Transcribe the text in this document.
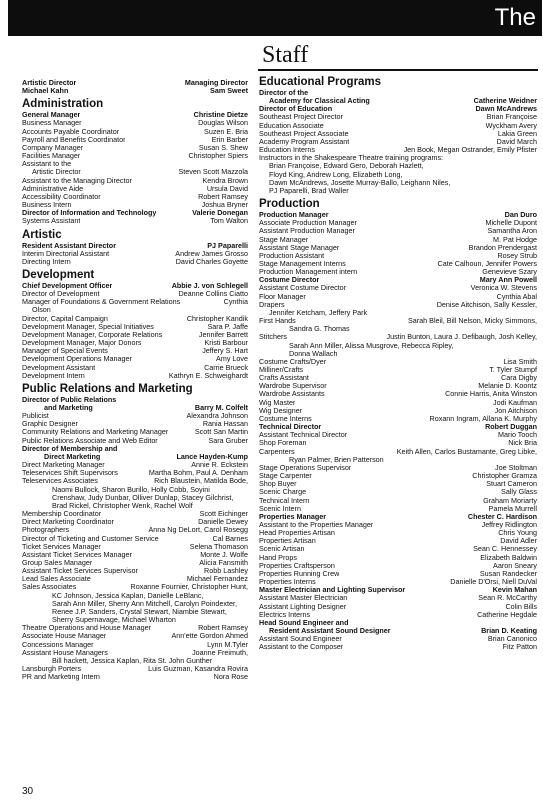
The
Staff
Artistic Director	Managing Director
Michael Kahn	Sam Sweet
Administration
General Manager	Christine Dietze
Business Manager	Douglas Wilson
Accounts Payable Coordinator	Suzen E. Bria
Payroll and Benefits Coordinator	Erin Barber
Company Manager	Susan S. Shew
Facilities Manager	Christopher Spiers
Assistant to the
Artistic Director	Steven Scott Mazzola
Assistant to the Managing Director	Kendra Brown
Administrative Aide	Ursula David
Accessibility Coordinator	Robert Ramsey
Business Intern	Joshua Bryner
Director of Information and Technology	Valerie Donegan
Systems Assistant	Tom Walton
Artistic
Resident Assistant Director	PJ Paparelli
Interim Directorial Assistant	Andrew James Grosso
Directing Intern	David Charles Goyette
Development
Chief Development Officer	Abbie J. von Schlegell
Director of Development	Deanne Collins Ciatto
Manager of Foundations & Government Relations	Cynthia
Olson
Director, Capital Campaign	Christopher Kandik
Development Manager, Special Initiatives	Sara P. Jaffe
Development Manager, Corporate Relations	Jennifer Barrett
Development Manager, Major Donors	Kristi Barbour
Manager of Special Events	Jeffery S. Hart
Development Operations Manager	Amy Love
Development Assistant	Carrie Brueck
Development Intern	Kathryn E. Schweighardt
Public Relations and Marketing
Director of Public Relations
and Marketing	Barry M. Colfelt
Publicist	Alexandra Johnson
Graphic Designer	Rania Hassan
Community Relations and Marketing Manager	Scott San Martin
Public Relations Associate and Web Editor	Sara Gruber
Director of Membership and
Direct Marketing	Lance Hayden-Kump
Direct Marketing Manager	Annie R. Eckstein
Teleservices Shift Supervisors	Martha Bohm, Paul A. Denham
Teleservices Associates	Rich Blaustein, Matilda Bode,
Naomi Bullock, Sharon Burillo, Holly Cobb, Soyini
Crenshaw, Judy Dunbar, Olliver Dunlap, Stacey Gilchrist,
Brad Rickel, Christopher Wenk, Rachel Wolf
Membership Coordinator	Scott Eichinger
Direct Marketing Coordinator	Danielle Dewey
Photographers	Anna Ng DeLort, Carol Rosegg
Director of Ticketing and Customer Service	Cal Barnes
Ticket Services Manager	Selena Thomason
Assistant Ticket Services Manager	Monte J. Wolfe
Group Sales Manager	Alicia Fansmith
Assistant Ticket Services Supervisor	Robb Lashley
Lead Sales Associate	Michael Fernandez
Sales Associates	Roxanne Fournier, Christopher Hunt,
KC Johnson, Jessica Kaplan, Danielle LeBlanc,
Sarah Ann Miller, Sherry Ann Mitchell, Carolyn Poindexter,
Renee J.P. Sanders, Crystal Stewart, Niambie Stewart,
Sherry Supernavage, Michael Wharton
Theatre Operations and House Manager	Robert Ramsey
Associate House Manager	Ann'ette Gordon Ahmed
Concessions Manager	Lynn M.Tyler
Assistant House Managers	Joanne Freimuth,
Bill hackett, Jessica Kaplan, Rita St. John Gunther
Lansburgh Porters	Luis Guzman, Kasandra Rovira
PR and Marketing Intern	Nora Rose
Educational Programs
Director of the
Academy for Classical Acting	Catherine Weidner
Director of Education	Dawn McAndrews
Southeast Project Director	Brian Françoise
Education Associate	Wyckham Avery
Southeast Project Associate	Lakia Green
Academy Program Assistant	David March
Education Interns	Jen Book, Megan Ostrander, Emily Pfister
Instructors in the Shakespeare Theatre training programs:
Brian Françoise, Edward Gero, Deborah Hazlett,
Floyd King, Andrew Long, Elizabeth Long,
Dawn McAndrews, Josette Murray-Ballo, Leighann Niles,
PJ Paparelli, Brad Waller
Production
Production Manager	Dan Duro
Associate Production Manager	Michelle Dupont
Assistant Production Manager	Samantha Aron
Stage Manager	M. Pat Hodge
Assistant Stage Manager	Brandon Prendergast
Production Assistant	Rosey Strub
Stage Management Interns	Cate Calhoun, Jennifer Powers
Production Management intern	Genevieve Szary
Costume Director	Mary Ann Powell
Assistant Costume Director	Veronica W. Stevens
Floor Manager	Cynthia Abal
Drapers	Denise Aitchison, Sally Kessler,
Jennifer Ketcham, Jeffery Park
First Hands	Sarah Bleil, Bill Nelson, Micky Simmons,
Sandra G. Thomas
Stitchers	Justin Bunton, Laura J. Defibaugh, Josh Kelley,
Sarah Ann Miller, Alissa Musgrove, Rebecca Ripley,
Donna Wallach
Costume Crafts/Dyer	Lisa Smith
Milliner/Crafts	T. Tyler Stumpf
Crafts Assistant	Cara Digby
Wardrobe Supervisor	Melanie D. Koontz
Wardrobe Assistants	Connie Harris, Anita Winston
Wig Master	Jodi Kaufman
Wig Designer	Jon Aitchison
Costume Interns	Roxann Ingram, Allana K. Murphy
Technical Director	Robert Duggan
Assistant Technical Director	Mario Tooch
Shop Foreman	Nick Bria
Carpenters	Keith Allen, Carlos Bustamante, Greg Libke,
Ryan Palmer, Brien Patterson
Stage Operations Supervisor	Joe Stoltman
Stage Carpenter	Christopher Gramza
Shop Buyer	Stuart Cameron
Scenic Charge	Sally Glass
Technical Intern	Graham Moriarty
Scenic Intern	Pamela Murrell
Properties Manager	Chester C. Hardison
Assistant to the Properties Manager	Jeffrey Ridlington
Head Properties Artisan	Chris Young
Properties Artisan	David Adler
Scenic Artisan	Sean C. Hennessey
Hand Props	Elizabeth Baldwin
Properties Craftsperson	Aaron Sneary
Properties Running Crew	Susan Randecker
Properties Interns	Danielle D'Orsi, Niell DuVal
Master Electrician and Lighting Supervisor	Kevin Mahan
Assistant Master Electrician	Sean R. McCarthy
Assistant Lighting Designer	Colin Bills
Electrics Interns	Catherine Hegdale
Head Sound Engineer and
Resident Assistant Sound Designer	Brian D. Keating
Assistant Sound Engineer	Brian Canonico
Assistant to the Composer	Fitz Patton
30
